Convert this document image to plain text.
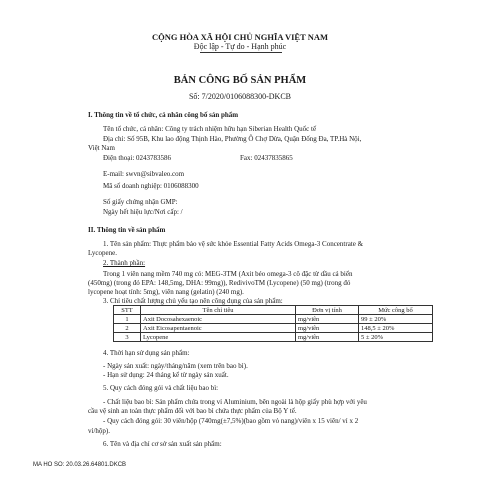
CỘNG HÒA XÃ HỘI CHỦ NGHĨA VIỆT NAM
Độc lập - Tự do - Hạnh phúc
BẢN CÔNG BỐ SẢN PHẨM
Số: 7/2020/0106088300-DKCB
I. Thông tin về tổ chức, cá nhân công bố sản phẩm
Tên tổ chức, cá nhân: Công ty trách nhiệm hữu hạn Siberian Health Quốc tế
Địa chỉ: Số 95B, Khu lao động Thịnh Hào, Phường Ô Chợ Dừa, Quận Đống Đa, TP.Hà Nội,
Việt Nam
Điện thoại: 0243783586	Fax: 02437835865
E-mail: swvn@sibvaleo.com
Mã số doanh nghiệp: 0106088300
Số giấy chứng nhận GMP:
Ngày hết hiệu lực/Nơi cấp: /
II. Thông tin về sản phẩm
1. Tên sản phẩm: Thực phẩm bảo vệ sức khỏe Essential Fatty Acids Omega-3 Concentrate &
Lycopene.
2. Thành phần:
Trong 1 viên nang mềm 740 mg có: MEG-3TM (Axit béo omega-3 cô đặc từ dầu cá biển
(450mg) (trong đó EPA: 148,5mg, DHA: 99mg)), RedivivoTM (Lycopene) (50 mg) (trong đó
lycopene hoạt tính: 5mg), viên nang (gelatin) (240 mg).
3. Chỉ tiêu chất lượng chủ yếu tạo nên công dụng của sản phẩm:
STT	Tên chỉ tiêu	Đơn vị tính	Mức công bố
1	Axit Docosahexaenoic	mg/viên	99 ± 20%
2	Axit Eicosapentaenoic	mg/viên	148,5 ± 20%
3	Lycopene	mg/viên	5 ± 20%
4. Thời hạn sử dụng sản phẩm:
- Ngày sản xuất: ngày/tháng/năm (xem trên bao bì).
- Hạn sử dụng: 24 tháng kể từ ngày sản xuất.
5. Quy cách đóng gói và chất liệu bao bì:
- Chất liệu bao bì: Sản phẩm chứa trong vỉ Aluminium, bên ngoài là hộp giấy phù hợp với yêu
cầu vệ sinh an toàn thực phẩm đối với bao bì chứa thực phẩm của Bộ Y tế.
- Quy cách đóng gói: 30 viên/hộp (740mg(±7,5%)(bao gồm vỏ nang)/viên x 15 viên/ vỉ x 2
vỉ/hộp).
6. Tên và địa chỉ cơ sở sản xuất sản phẩm:
MA HO SO: 20.03.26.64801.DKCB
